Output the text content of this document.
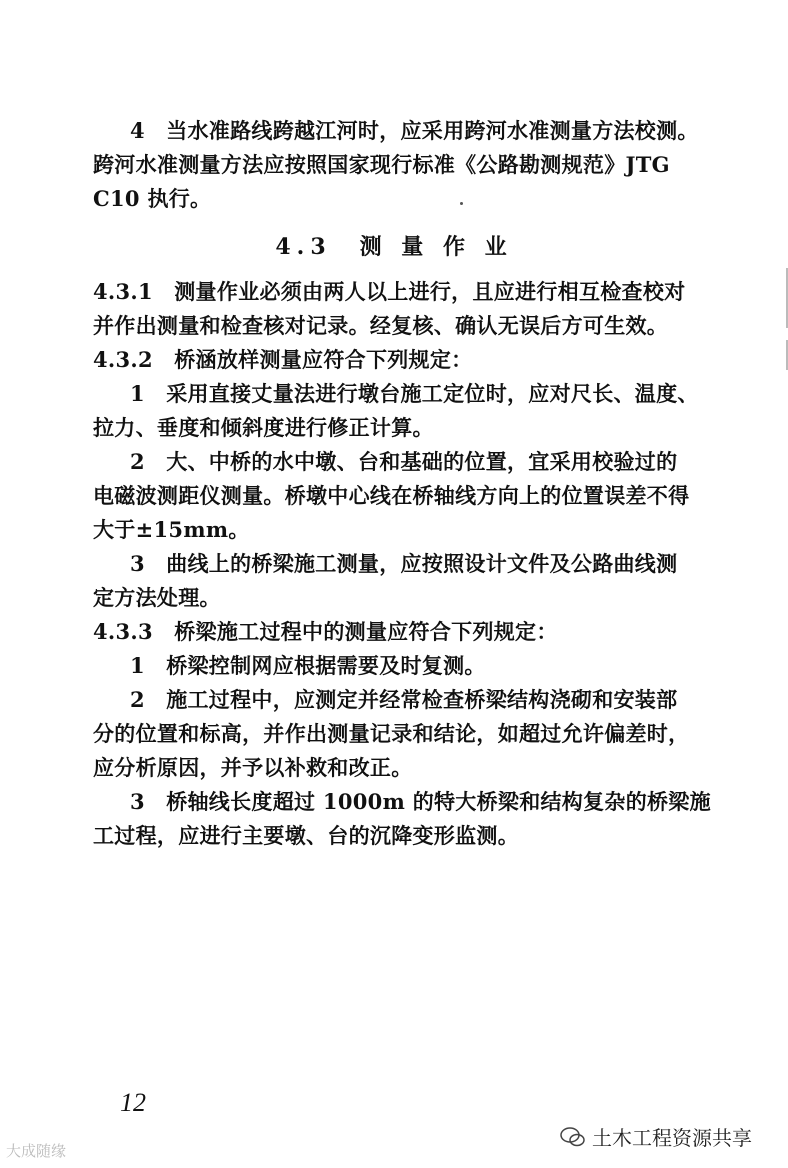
4　当水准路线跨越江河时，应采用跨河水准测量方法校测。
跨河水准测量方法应按照国家现行标准《公路勘测规范》JTG
C10 执行。
4.3　测 量 作 业
4.3.1　测量作业必须由两人以上进行，且应进行相互检查校对
并作出测量和检查核对记录。经复核、确认无误后方可生效。
4.3.2　桥涵放样测量应符合下列规定：
1　采用直接丈量法进行墩台施工定位时，应对尺长、温度、
拉力、垂度和倾斜度进行修正计算。
2　大、中桥的水中墩、台和基础的位置，宜采用校验过的
电磁波测距仪测量。桥墩中心线在桥轴线方向上的位置误差不得
大于±15mm。
3　曲线上的桥梁施工测量，应按照设计文件及公路曲线测
定方法处理。
4.3.3　桥梁施工过程中的测量应符合下列规定：
1　桥梁控制网应根据需要及时复测。
2　施工过程中，应测定并经常检查桥梁结构浇砌和安装部
分的位置和标高，并作出测量记录和结论，如超过允许偏差时，
应分析原因，并予以补救和改正。
3　桥轴线长度超过 1000m 的特大桥梁和结构复杂的桥梁施
工过程，应进行主要墩、台的沉降变形监测。
12
大成随缘
土木工程资源共享
